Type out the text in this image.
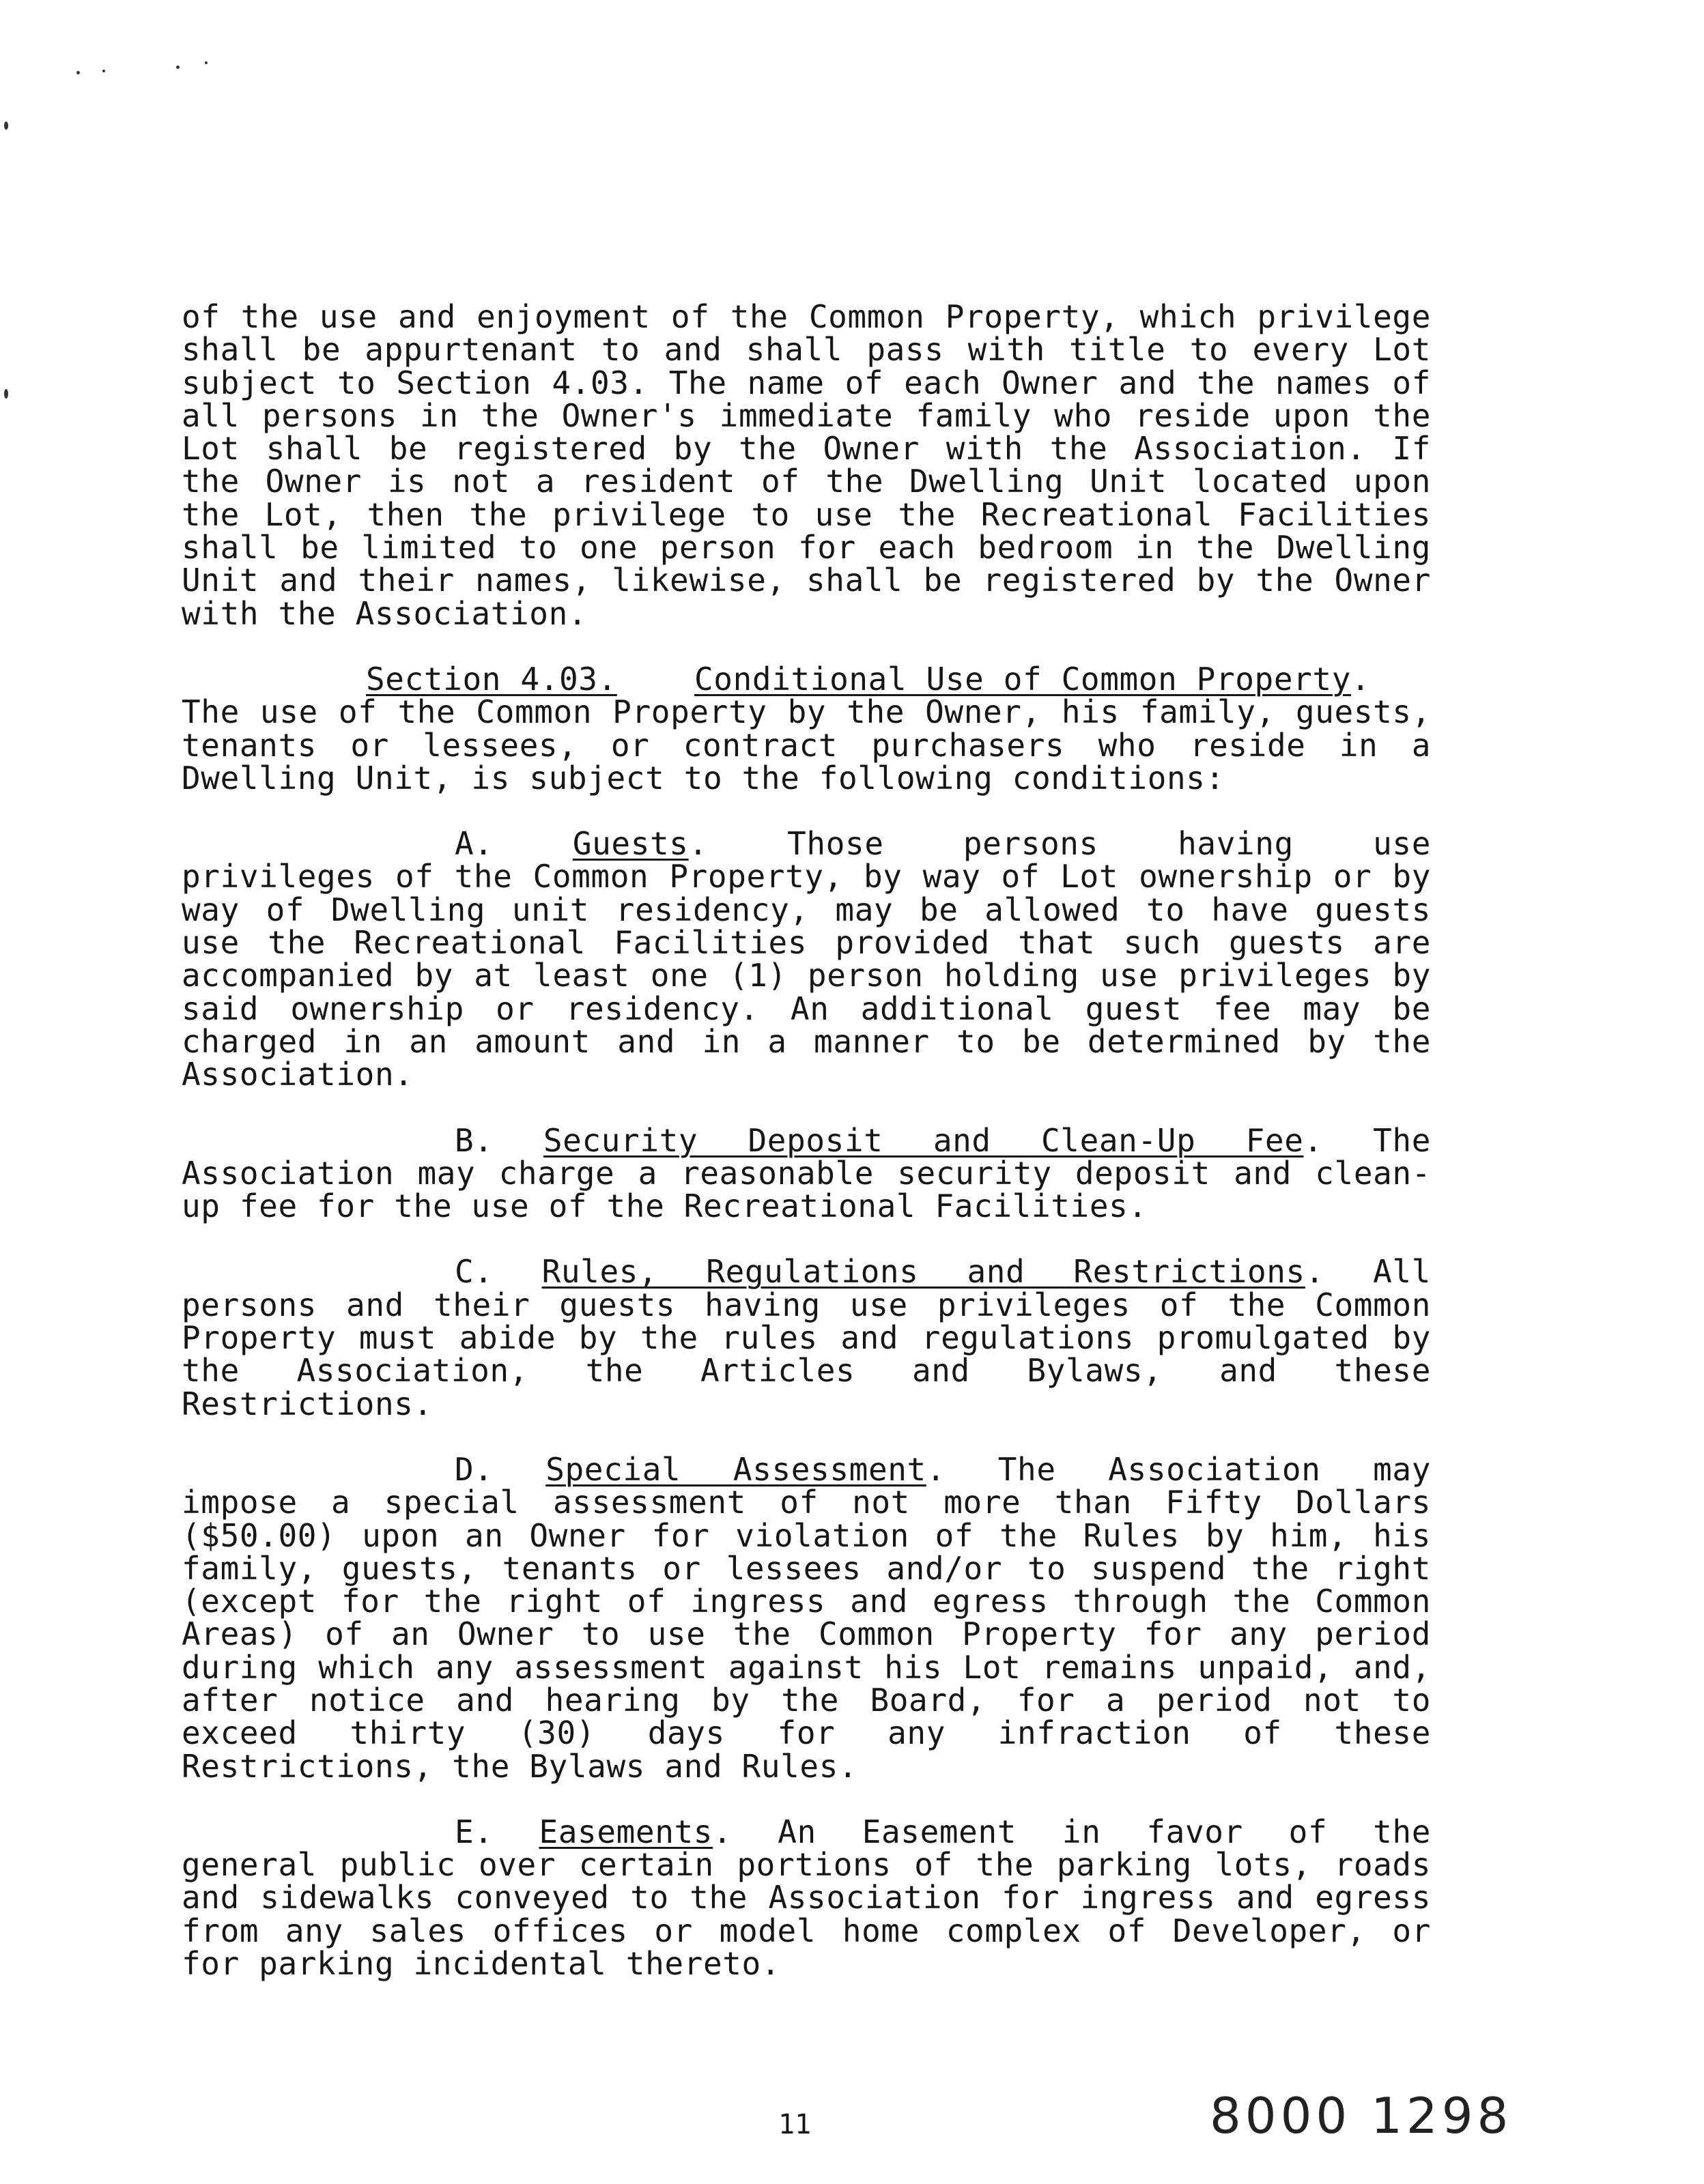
of the use and enjoyment of the Common Property, which privilege shall be appurtenant to and shall pass with title to every Lot subject to Section 4.03. The name of each Owner and the names of all persons in the Owner's immediate family who reside upon the Lot shall be registered by the Owner with the Association. If the Owner is not a resident of the Dwelling Unit located upon the Lot, then the privilege to use the Recreational Facilities shall be limited to one person for each bedroom in the Dwelling Unit and their names, likewise, shall be registered by the Owner with the Association.

Section 4.03. Conditional Use of Common Property.

The use of the Common Property by the Owner, his family, guests, tenants or lessees, or contract purchasers who reside in a Dwelling Unit, is subject to the following conditions:

A.	Guests.	Those persons having use

privileges of the Common Property, by way of Lot ownership or by way of Dwelling unit residency, may be allowed to have guests use the Recreational Facilities provided that such guests are accompanied by at least one (1) person holding use privileges by said ownership or residency. An additional guest fee may be charged in an amount and in a manner to be determined by the Association.

B. Security Deposit and Clean-Up Fee. The

Association may charge a reasonable security deposit and clean-up fee for the use of the Recreational Facilities.

C. Rules, Regulations and Restrictions. All

persons and their guests having use privileges of the Common Property must abide by the rules and regulations promulgated by the Association, the Articles and Bylaws, and these Restrictions.

D. Special Assessment. The Association may

impose a special assessment of not more than Fifty Dollars ($50.00) upon an Owner for violation of the Rules by him, his family, guests, tenants or lessees and/or to suspend the right (except for the right of ingress and egress through the Common Areas) of an Owner to use the Common Property for any period during which any assessment against his Lot remains unpaid, and, after notice and hearing by the Board, for a period not to exceed thirty (30) days for any infraction of these Restrictions, the Bylaws and Rules.

E. Easements. An Easement in favor of the

general public over certain portions of the parking lots, roads and sidewalks conveyed to the Association for ingress and egress from any sales offices or model home complex of Developer, or for parking incidental thereto.

11	8000 1298
